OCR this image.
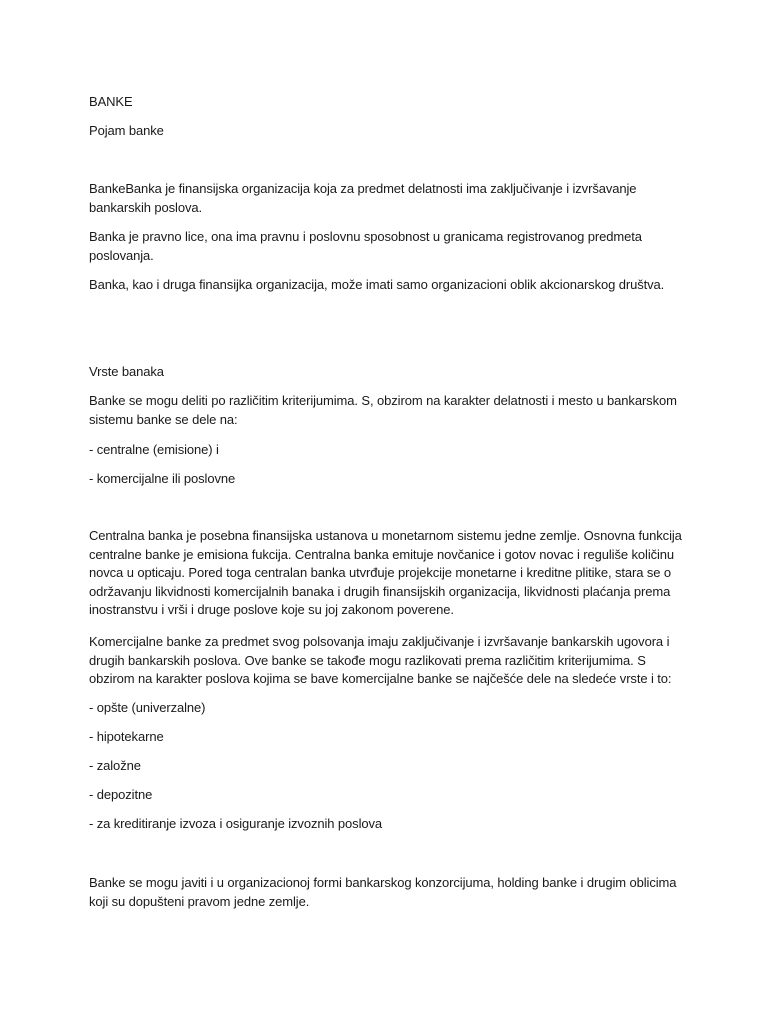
BANKE

Pojam banke

BankeBanka je finansijska organizacija koja za predmet delatnosti ima zaključivanje i izvršavanje bankarskih poslova.

Banka je pravno lice, ona ima pravnu i poslovnu sposobnost u granicama registrovanog predmeta poslovanja.

Banka, kao i druga finansijka organizacija, može imati samo organizacioni oblik akcionarskog društva.

Vrste banaka

Banke se mogu deliti po različitim kriterijumima. S, obzirom na karakter delatnosti i mesto u bankarskom sistemu banke se dele na:

- centralne (emisione) i

- komercijalne ili poslovne

Centralna banka je posebna finansijska ustanova u monetarnom sistemu jedne zemlje. Osnovna funkcija centralne banke je emisiona fukcija. Centralna banka emituje novčanice i gotov novac i reguliše količinu novca u opticaju. Pored toga centralan banka utvrđuje projekcije monetarne i kreditne plitike, stara se o održavanju likvidnosti komercijalnih banaka i drugih finansijskih organizacija, likvidnosti plaćanja prema inostranstvu i vrši i druge poslove koje su joj zakonom poverene.

Komercijalne banke za predmet svog polsovanja imaju zaključivanje i izvršavanje bankarskih ugovora i drugih bankarskih poslova. Ove banke se takođe mogu razlikovati prema različitim kriterijumima. S obzirom na karakter poslova kojima se bave komercijalne banke se najčešće dele na sledeće vrste i to:

- opšte (univerzalne)

- hipotekarne

- založne

- depozitne

- za kreditiranje izvoza i osiguranje izvoznih poslova

Banke se mogu javiti i u organizacionoj formi bankarskog konzorcijuma, holding banke i drugim oblicima koji su dopušteni pravom jedne zemlje.
